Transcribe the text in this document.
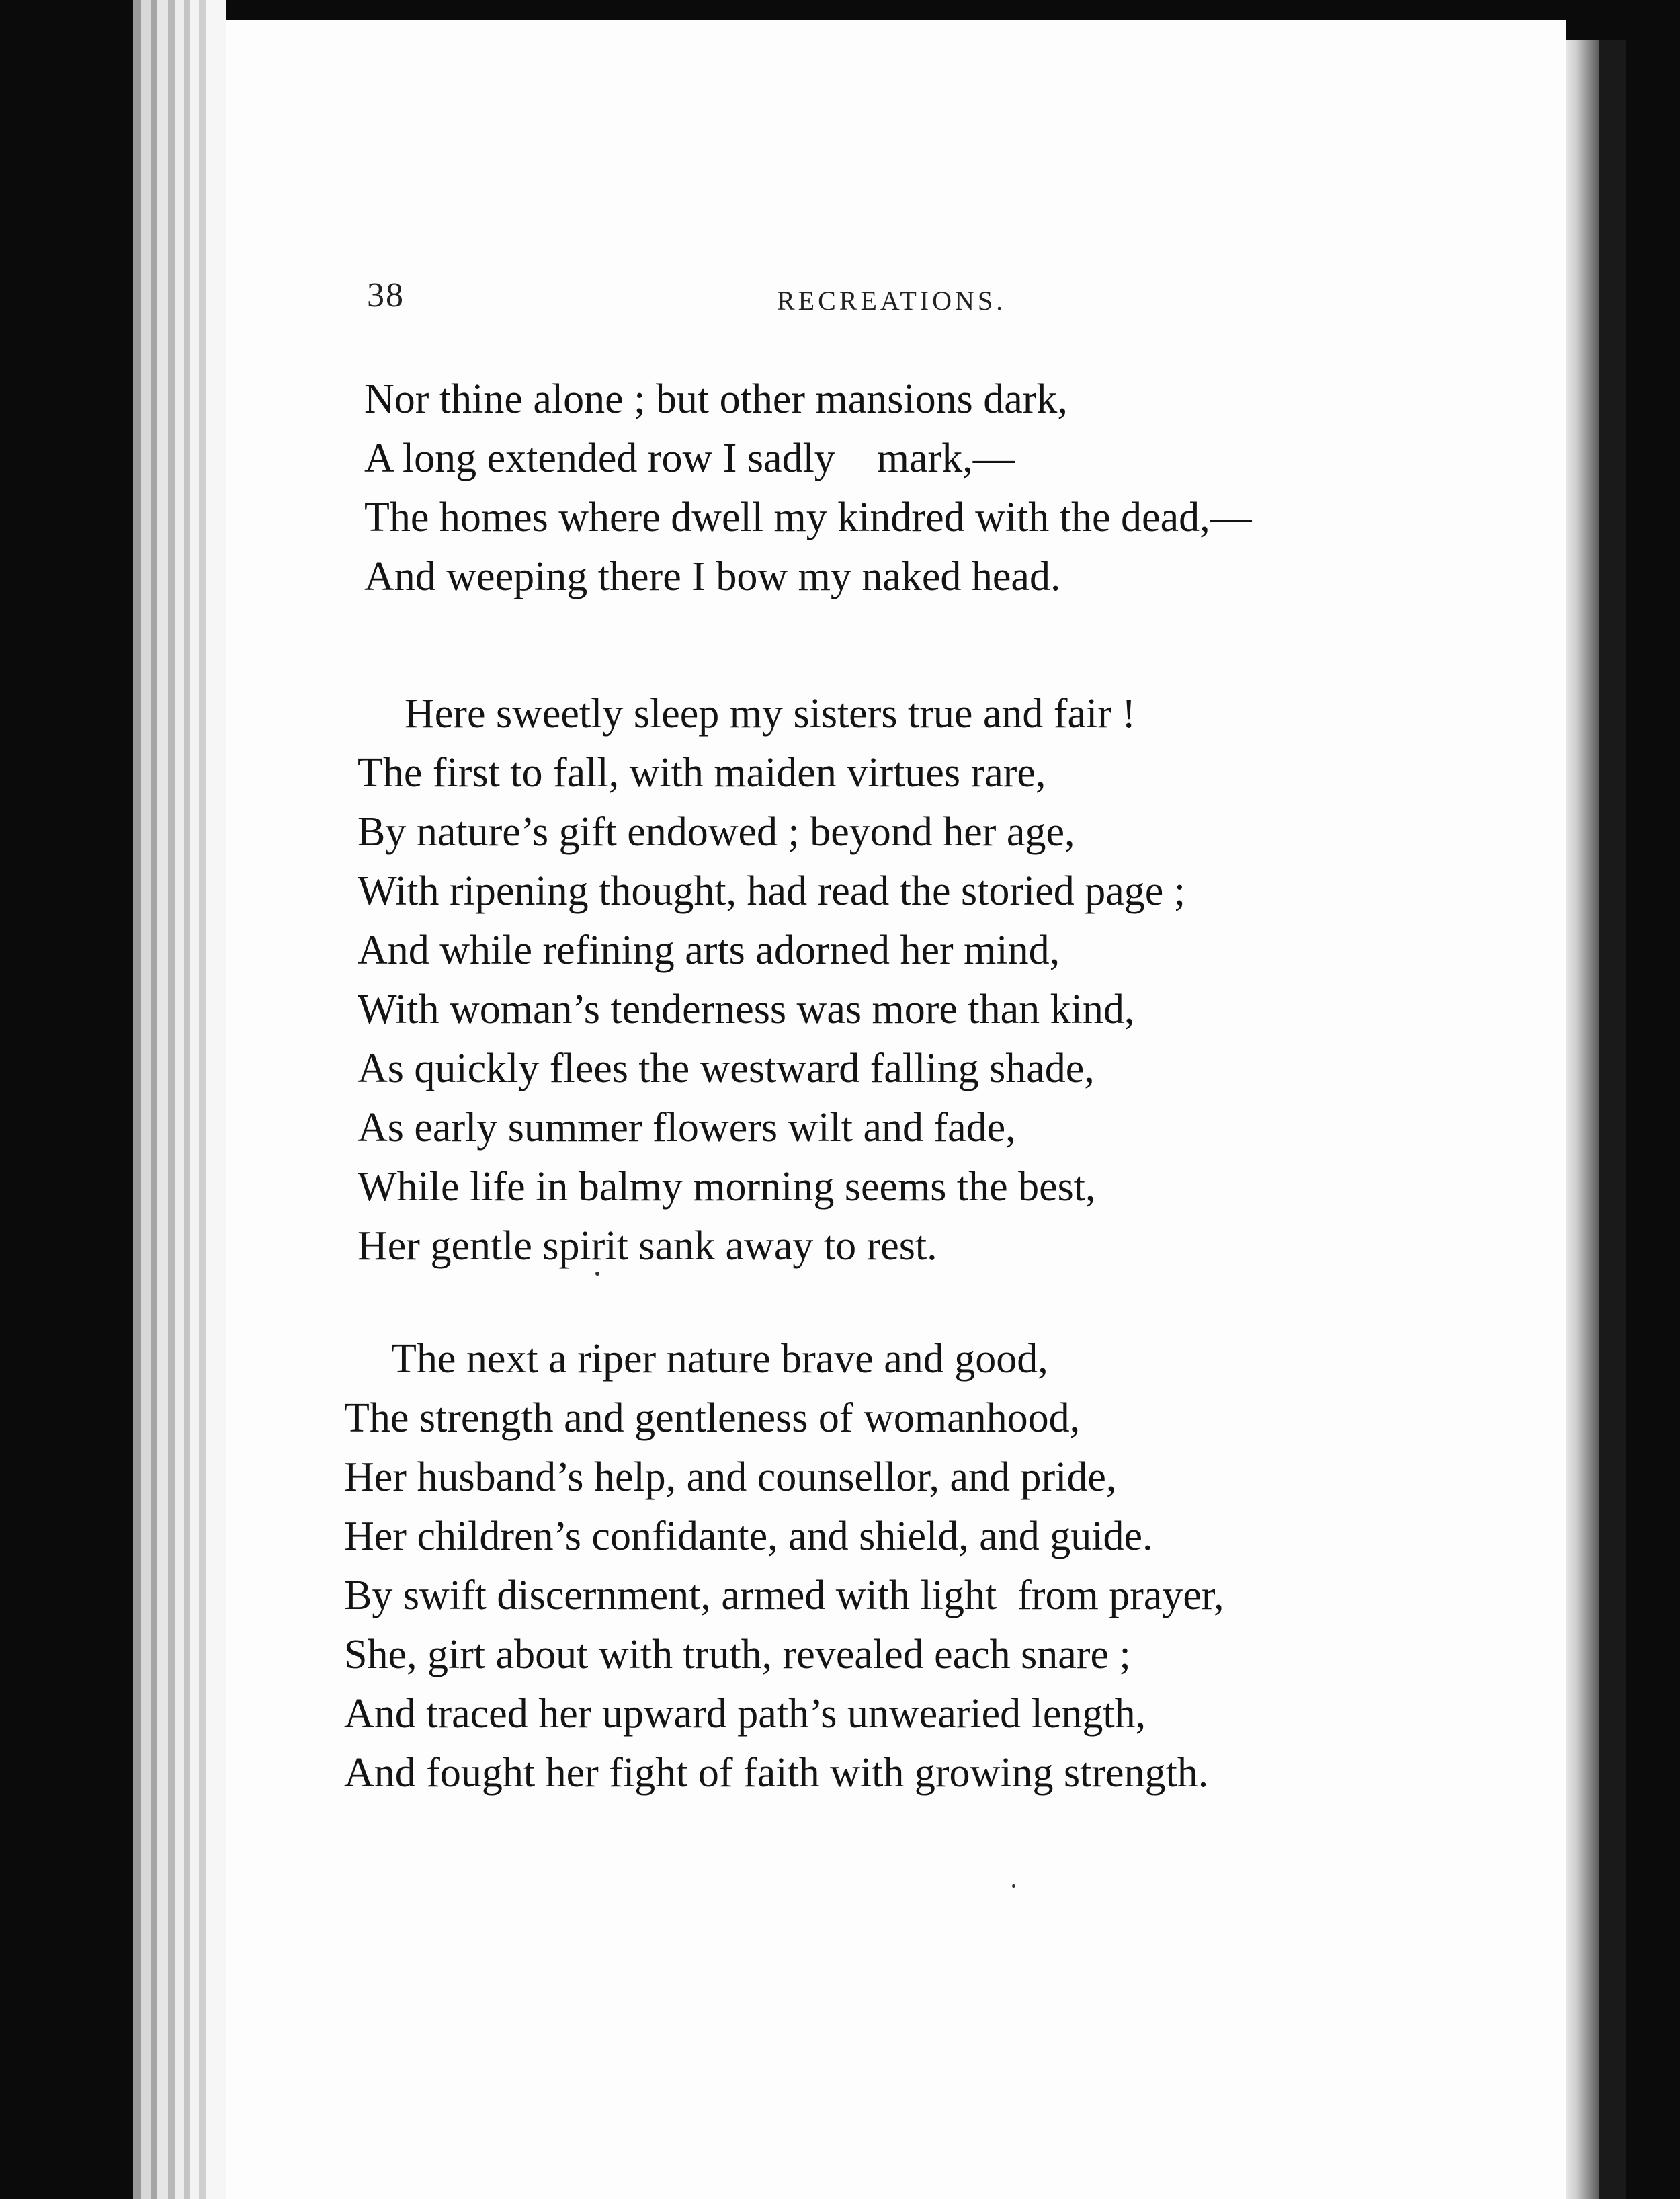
38	RECREATIONS.
Nor thine alone ; but other mansions dark,
A long extended row I sadly    mark,—
The homes where dwell my kindred with the dead,—
And weeping there I bow my naked head.
Here sweetly sleep my sisters true and fair !
The first to fall, with maiden virtues rare,
By nature’s gift endowed ; beyond her age,
With ripening thought, had read the storied page ;
And while refining arts adorned her mind,
With woman’s tenderness was more than kind,
As quickly flees the westward falling shade,
As early summer flowers wilt and fade,
While life in balmy morning seems the best,
Her gentle spirit sank away to rest.
The next a riper nature brave and good,
The strength and gentleness of womanhood,
Her husband’s help, and counsellor, and pride,
Her children’s confidante, and shield, and guide.
By swift discernment, armed with light  from prayer,
She, girt about with truth, revealed each snare ;
And traced her upward path’s unwearied length,
And fought her fight of faith with growing strength.
